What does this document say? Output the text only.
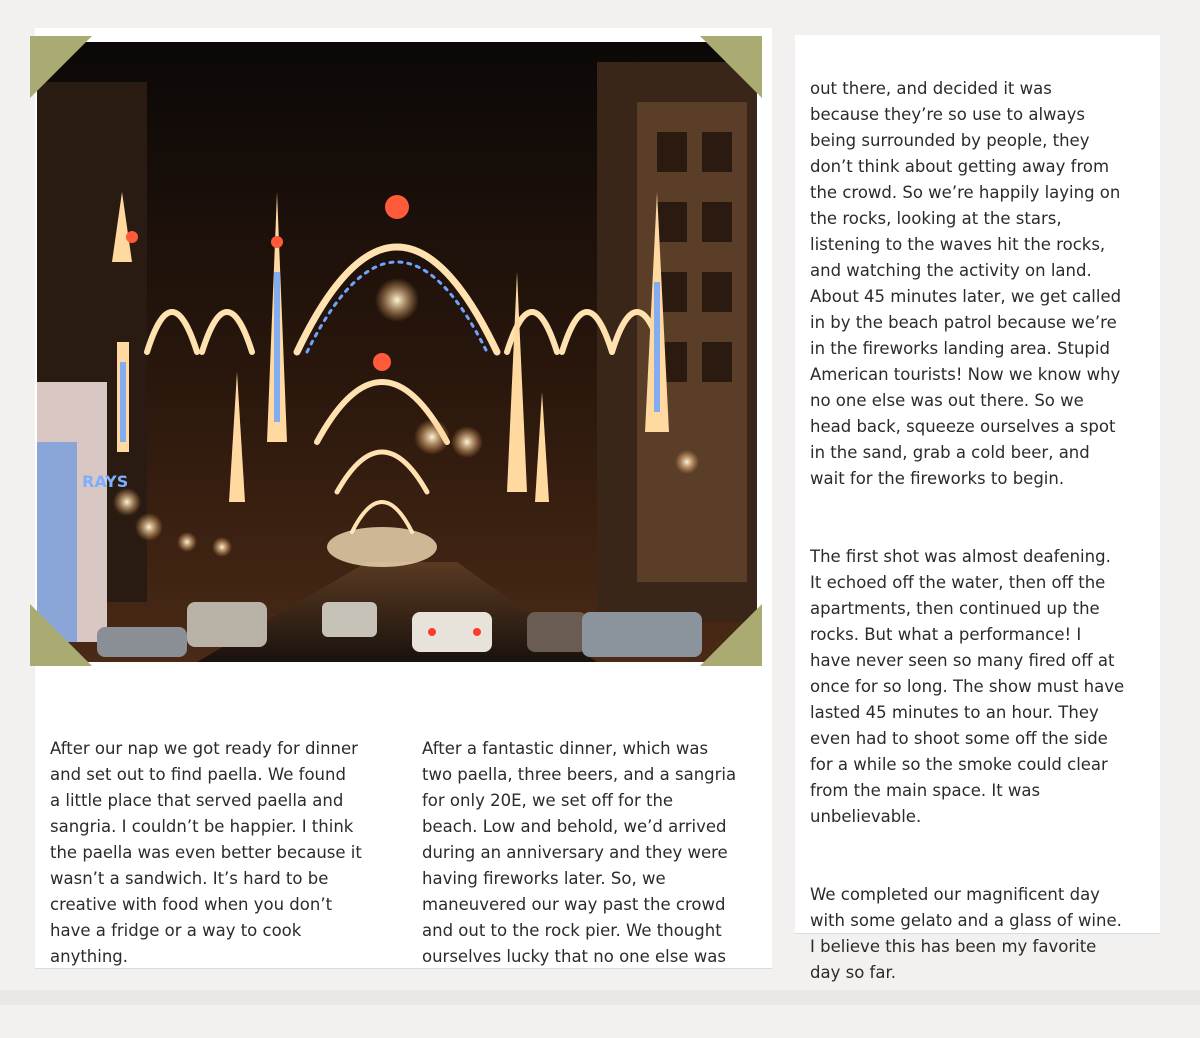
RAYS

After our nap we got ready for dinner
and set out to find paella. We found
a little place that served paella and
sangria. I couldn’t be happier. I think
the paella was even better because it
wasn’t a sandwich. It’s hard to be
creative with food when you don’t
have a fridge or a way to cook
anything.

After a fantastic dinner, which was
two paella, three beers, and a sangria
for only 20E, we set off for the
beach. Low and behold, we’d arrived
during an anniversary and they were
having fireworks later. So, we
maneuvered our way past the crowd
and out to the rock pier. We thought
ourselves lucky that no one else was

out there, and decided it was
because they’re so use to always
being surrounded by people, they
don’t think about getting away from
the crowd. So we’re happily laying on
the rocks, looking at the stars,
listening to the waves hit the rocks,
and watching the activity on land.
About 45 minutes later, we get called
in by the beach patrol because we’re
in the fireworks landing area. Stupid
American tourists! Now we know why
no one else was out there. So we
head back, squeeze ourselves a spot
in the sand, grab a cold beer, and
wait for the fireworks to begin.

The first shot was almost deafening.
It echoed off the water, then off the
apartments, then continued up the
rocks. But what a performance! I
have never seen so many fired off at
once for so long. The show must have
lasted 45 minutes to an hour. They
even had to shoot some off the side
for a while so the smoke could clear
from the main space. It was
unbelievable.

We completed our magnificent day
with some gelato and a glass of wine.
I believe this has been my favorite
day so far.
